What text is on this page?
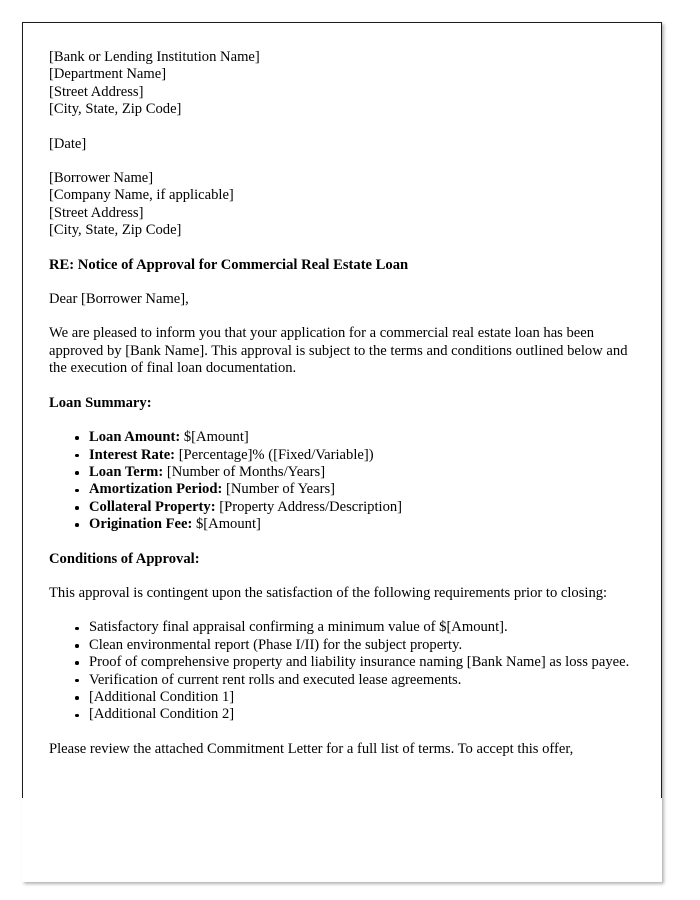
[Bank or Lending Institution Name]
[Department Name]
[Street Address]
[City, State, Zip Code]
[Date]
[Borrower Name]
[Company Name, if applicable]
[Street Address]
[City, State, Zip Code]
RE: Notice of Approval for Commercial Real Estate Loan
Dear [Borrower Name],
We are pleased to inform you that your application for a commercial real estate loan has been approved by [Bank Name]. This approval is subject to the terms and conditions outlined below and the execution of final loan documentation.
Loan Summary:
Loan Amount: $[Amount]
Interest Rate: [Percentage]% ([Fixed/Variable])
Loan Term: [Number of Months/Years]
Amortization Period: [Number of Years]
Collateral Property: [Property Address/Description]
Origination Fee: $[Amount]
Conditions of Approval:
This approval is contingent upon the satisfaction of the following requirements prior to closing:
Satisfactory final appraisal confirming a minimum value of $[Amount].
Clean environmental report (Phase I/II) for the subject property.
Proof of comprehensive property and liability insurance naming [Bank Name] as loss payee.
Verification of current rent rolls and executed lease agreements.
[Additional Condition 1]
[Additional Condition 2]
Please review the attached Commitment Letter for a full list of terms. To accept this offer,
